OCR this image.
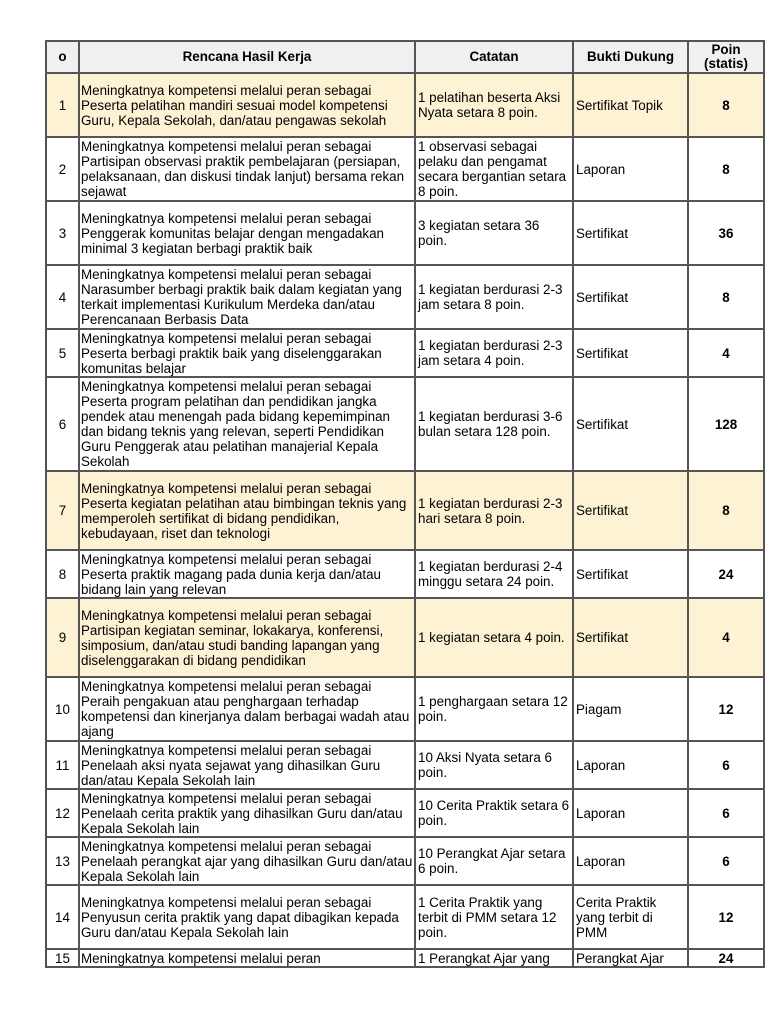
o	Rencana Hasil Kerja	Catatan	Bukti Dukung	Poin
(statis)
1	Meningkatnya kompetensi melalui peran sebagai Peserta pelatihan mandiri sesuai model kompetensi Guru, Kepala Sekolah, dan/atau pengawas sekolah	1 pelatihan beserta Aksi Nyata setara 8 poin.	Sertifikat Topik	8
2	Meningkatnya kompetensi melalui peran sebagai Partisipan observasi praktik pembelajaran (persiapan, pelaksanaan, dan diskusi tindak lanjut) bersama rekan sejawat	1 observasi sebagai pelaku dan pengamat secara bergantian setara 8 poin.	Laporan	8
3	Meningkatnya kompetensi melalui peran sebagai Penggerak komunitas belajar dengan mengadakan minimal 3 kegiatan berbagi praktik baik	3 kegiatan setara 36 poin.	Sertifikat	36
4	Meningkatnya kompetensi melalui peran sebagai Narasumber berbagi praktik baik dalam kegiatan yang terkait implementasi Kurikulum Merdeka dan/atau Perencanaan Berbasis Data	1 kegiatan berdurasi 2-3 jam setara 8 poin.	Sertifikat	8
5	Meningkatnya kompetensi melalui peran sebagai Peserta berbagi praktik baik yang diselenggarakan komunitas belajar	1 kegiatan berdurasi 2-3 jam setara 4 poin.	Sertifikat	4
6	Meningkatnya kompetensi melalui peran sebagai Peserta program pelatihan dan pendidikan jangka pendek atau menengah pada bidang kepemimpinan dan bidang teknis yang relevan, seperti Pendidikan Guru Penggerak atau pelatihan manajerial Kepala Sekolah	1 kegiatan berdurasi 3-6 bulan setara 128 poin.	Sertifikat	128
7	Meningkatnya kompetensi melalui peran sebagai Peserta kegiatan pelatihan atau bimbingan teknis yang memperoleh sertifikat di bidang pendidikan, kebudayaan, riset dan teknologi	1 kegiatan berdurasi 2-3 hari setara 8 poin.	Sertifikat	8
8	Meningkatnya kompetensi melalui peran sebagai Peserta praktik magang pada dunia kerja dan/atau bidang lain yang relevan	1 kegiatan berdurasi 2-4 minggu setara 24 poin.	Sertifikat	24
9	Meningkatnya kompetensi melalui peran sebagai Partisipan kegiatan seminar, lokakarya, konferensi, simposium, dan/atau studi banding lapangan yang diselenggarakan di bidang pendidikan	1 kegiatan setara 4 poin.	Sertifikat	4
10	Meningkatnya kompetensi melalui peran sebagai Peraih pengakuan atau penghargaan terhadap kompetensi dan kinerjanya dalam berbagai wadah atau ajang	1 penghargaan setara 12 poin.	Piagam	12
11	Meningkatnya kompetensi melalui peran sebagai Penelaah aksi nyata sejawat yang dihasilkan Guru dan/atau Kepala Sekolah lain	10 Aksi Nyata setara 6 poin.	Laporan	6
12	Meningkatnya kompetensi melalui peran sebagai Penelaah cerita praktik yang dihasilkan Guru dan/atau Kepala Sekolah lain	10 Cerita Praktik setara 6 poin.	Laporan	6
13	Meningkatnya kompetensi melalui peran sebagai Penelaah perangkat ajar yang dihasilkan Guru dan/atau Kepala Sekolah lain	10 Perangkat Ajar setara 6 poin.	Laporan	6
14	Meningkatnya kompetensi melalui peran sebagai Penyusun cerita praktik yang dapat dibagikan kepada Guru dan/atau Kepala Sekolah lain	1 Cerita Praktik yang terbit di PMM setara 12 poin.	Cerita Praktik yang terbit di PMM	12
15	Meningkatnya kompetensi melalui peran	1 Perangkat Ajar yang	Perangkat Ajar	24
